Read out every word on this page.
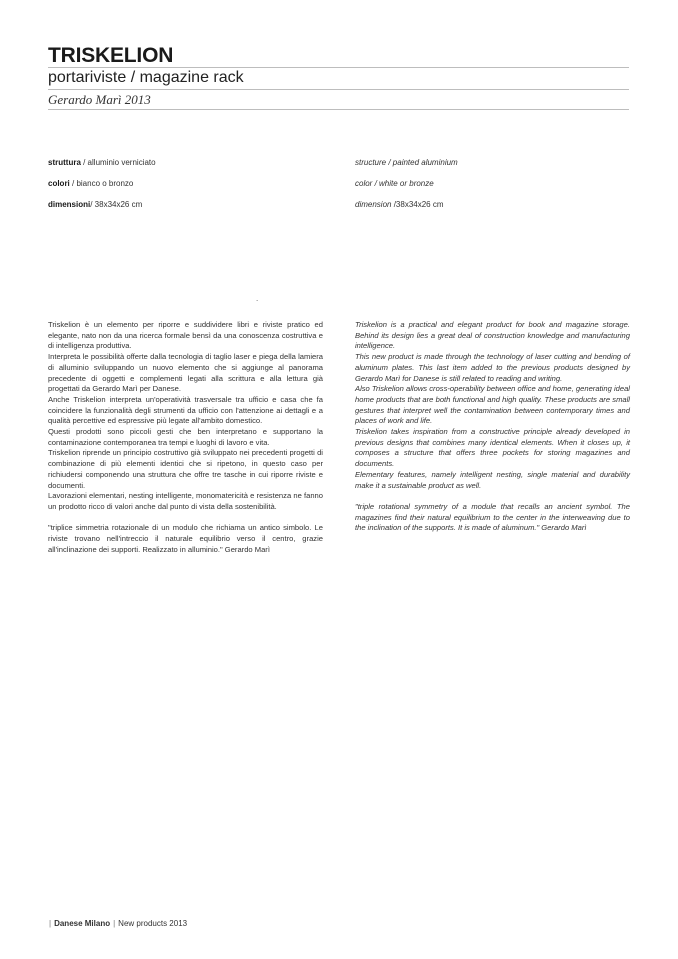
TRISKELION
portariviste / magazine rack
Gerardo Marì 2013
struttura / alluminio verniciato
colori / bianco o bronzo
dimensioni/ 38x34x26 cm
structure / painted aluminium
color / white or bronze
dimension /38x34x26 cm
.

Triskelion è un elemento per riporre e suddividere libri e riviste pratico ed elegante, nato non da una ricerca formale bensì da una conoscenza costruttiva e di intelligenza produttiva.

Interpreta le possibilità offerte dalla tecnologia di taglio laser e piega della lamiera di alluminio sviluppando un nuovo elemento che si aggiunge al panorama precedente di oggetti e complementi legati alla scrittura e alla lettura già progettati da Gerardo Marì per Danese.

Anche Triskelion interpreta un'operatività trasversale tra ufficio e casa che fa coincidere la funzionalità degli strumenti da ufficio con l'attenzione ai dettagli e a qualità percettive ed espressive più legate all'ambito domestico.

Questi prodotti sono piccoli gesti che ben interpretano e supportano la contaminazione contemporanea tra tempi e luoghi di lavoro e vita.

Triskelion riprende un principio costruttivo già sviluppato nei precedenti progetti di combinazione di più elementi identici che si ripetono, in questo caso per richiudersi componendo una struttura che offre tre tasche in cui riporre riviste e documenti.

Lavorazioni elementari, nesting intelligente, monomatericità e resistenza ne fanno un prodotto ricco di valori anche dal punto di vista della sostenibilità.

"triplice simmetria rotazionale di un modulo che richiama un antico simbolo. Le riviste trovano nell'intreccio il naturale equilibrio verso il centro, grazie all'inclinazione dei supporti. Realizzato in alluminio." Gerardo Marì

Triskelion is a practical and elegant product for book and magazine storage. Behind its design lies a great deal of construction knowledge and manufacturing intelligence.

This new product is made through the technology of laser cutting and bending of aluminum plates. This last item added to the previous products designed by Gerardo Marì for Danese is still related to reading and writing.

Also Triskelion allows cross-operability between office and home, generating ideal home products that are both functional and high quality. These products are small gestures that interpret well the contamination between contemporary times and places of work and life.

Triskelion takes inspiration from a constructive principle already developed in previous designs that combines many identical elements. When it closes up, it composes a structure that offers three pockets for storing magazines and documents.

Elementary features, namely intelligent nesting, single material and durability make it a sustainable product as well.

"triple rotational symmetry of a module that recalls an ancient symbol. The magazines find their natural equilibrium to the center in the interweaving due to the inclination of the supports. It is made of aluminum." Gerardo Marì

| Danese Milano | New products 2013
